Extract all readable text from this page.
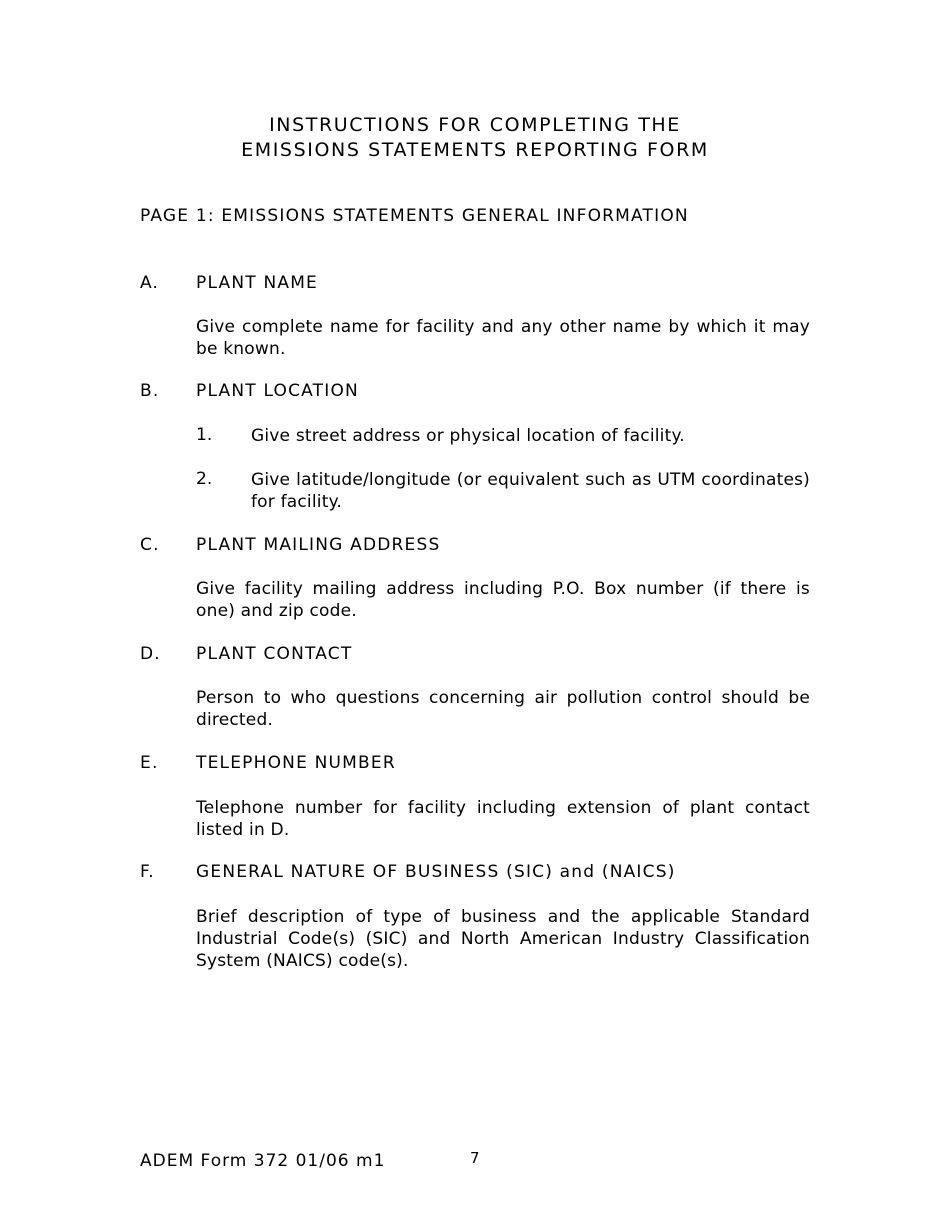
INSTRUCTIONS FOR COMPLETING THE
EMISSIONS STATEMENTS REPORTING FORM
PAGE 1: EMISSIONS STATEMENTS GENERAL INFORMATION
A. PLANT NAME
Give complete name for facility and any other name by which it may be known.
B. PLANT LOCATION
1. Give street address or physical location of facility.
2. Give latitude/longitude (or equivalent such as UTM coordinates) for facility.
C. PLANT MAILING ADDRESS
Give facility mailing address including P.O. Box number (if there is one) and zip code.
D. PLANT CONTACT
Person to who questions concerning air pollution control should be directed.
E. TELEPHONE NUMBER
Telephone number for facility including extension of plant contact listed in D.
F. GENERAL NATURE OF BUSINESS (SIC) and (NAICS)
Brief description of type of business and the applicable Standard Industrial Code(s) (SIC) and North American Industry Classification System (NAICS) code(s).
ADEM Form 372 01/06 m1	7
